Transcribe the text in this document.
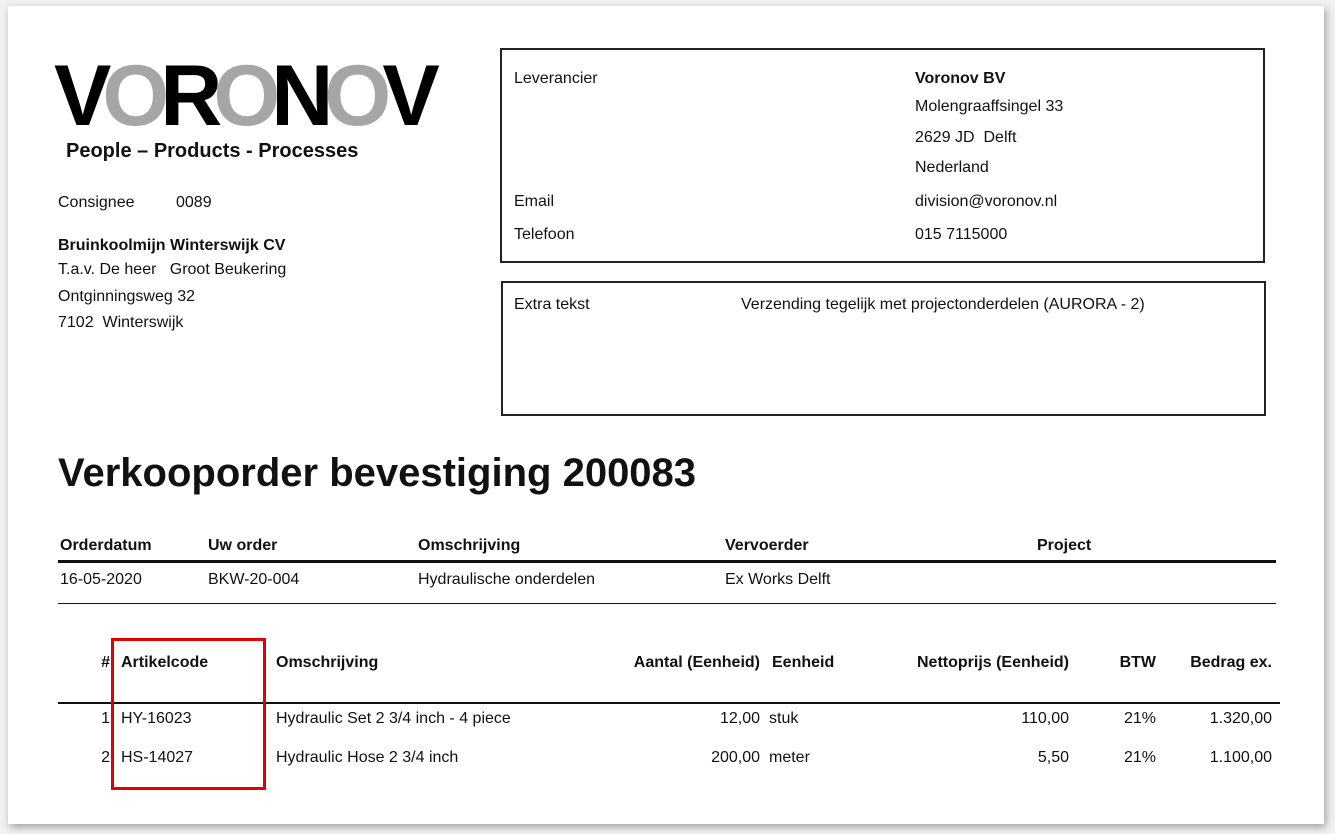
VORONOV
People – Products - Processes
Consignee	0089
Bruinkoolmijn Winterswijk CV
T.a.v. De heer   Groot Beukering
Ontginningsweg 32
7102  Winterswijk
Leverancier	Voronov BV
Molengraaffsingel 33
2629 JD  Delft
Nederland
Email	division@voronov.nl
Telefoon	015 7115000
Extra tekst	Verzending tegelijk met projectonderdelen (AURORA - 2)
Verkooporder bevestiging 200083
Orderdatum	Uw order	Omschrijving	Vervoerder	Project
16-05-2020	BKW-20-004	Hydraulische onderdelen	Ex Works Delft
# Artikelcode	Omschrijving	Aantal (Eenheid) Eenheid	Nettoprijs (Eenheid)	BTW	Bedrag ex.
1 HY-16023	Hydraulic Set 2 3/4 inch - 4 piece	12,00 stuk	110,00	21%	1.320,00
2 HS-14027	Hydraulic Hose 2 3/4 inch	200,00 meter	5,50	21%	1.100,00
